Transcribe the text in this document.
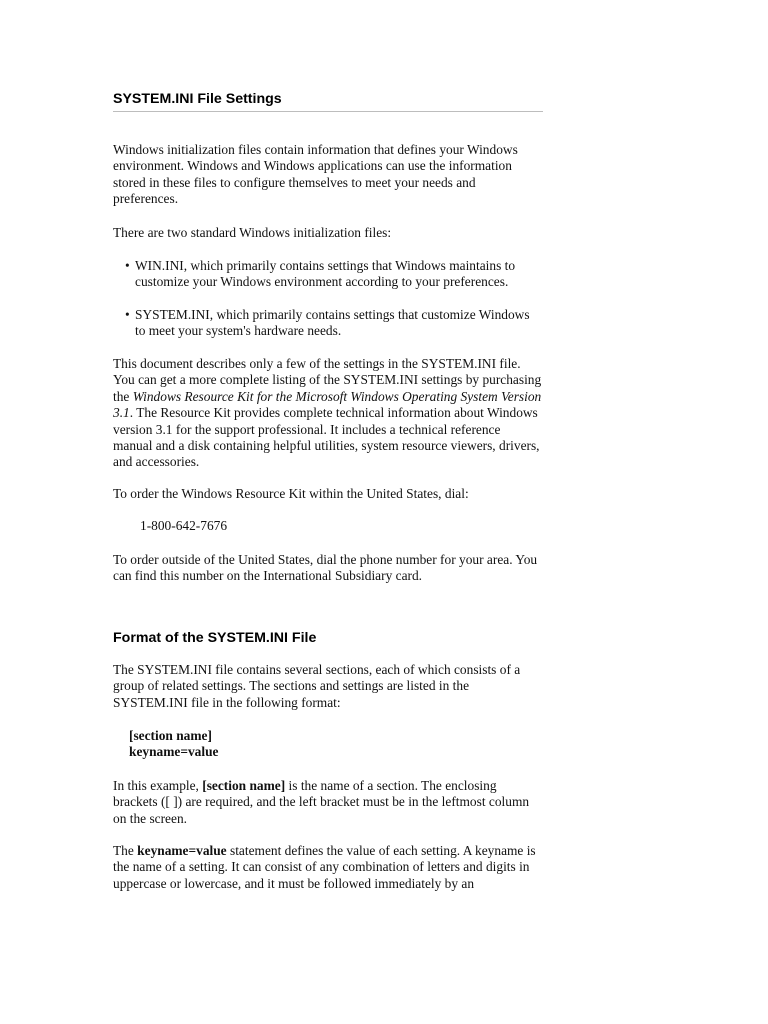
SYSTEM.INI File Settings

Windows initialization files contain information that defines your Windows environment. Windows and Windows applications can use the information stored in these files to configure themselves to meet your needs and preferences.

There are two standard Windows initialization files:

• WIN.INI, which primarily contains settings that Windows maintains to customize your Windows environment according to your preferences.
• SYSTEM.INI, which primarily contains settings that customize Windows to meet your system's hardware needs.

This document describes only a few of the settings in the SYSTEM.INI file. You can get a more complete listing of the SYSTEM.INI settings by purchasing the Windows Resource Kit for the Microsoft Windows Operating System Version 3.1. The Resource Kit provides complete technical information about Windows version 3.1 for the support professional. It includes a technical reference manual and a disk containing helpful utilities, system resource viewers, drivers, and accessories.

To order the Windows Resource Kit within the United States, dial:

1-800-642-7676

To order outside of the United States, dial the phone number for your area. You can find this number on the International Subsidiary card.

Format of the SYSTEM.INI File

The SYSTEM.INI file contains several sections, each of which consists of a group of related settings. The sections and settings are listed in the SYSTEM.INI file in the following format:

[section name]
keyname=value

In this example, [section name] is the name of a section. The enclosing brackets ([ ]) are required, and the left bracket must be in the leftmost column on the screen.

The keyname=value statement defines the value of each setting. A keyname is the name of a setting. It can consist of any combination of letters and digits in uppercase or lowercase, and it must be followed immediately by an
